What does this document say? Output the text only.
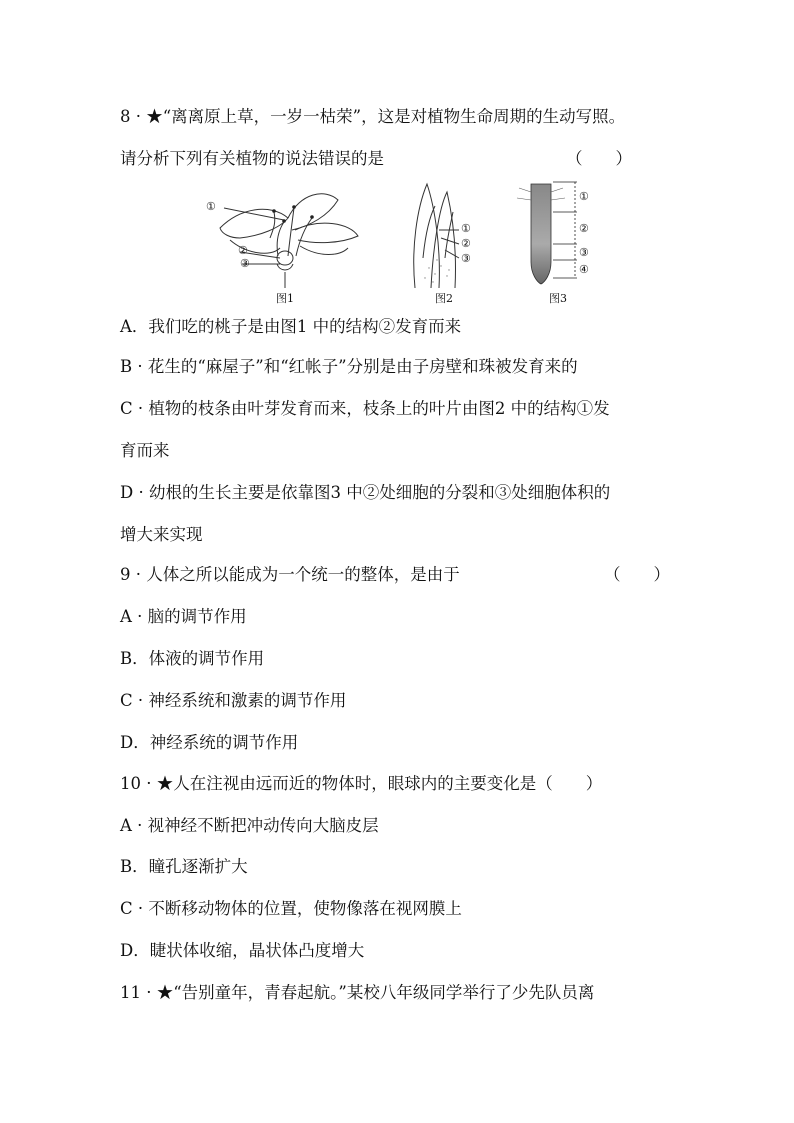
8 · ★“离离原上草，一岁一枯荣”，这是对植物生命周期的生动写照。
请分析下列有关植物的说法错误的是	（　　）
①
②
③
图1
①
②
③
图2
①
②
③
④
图3
A．我们吃的桃子是由图1 中的结构②发育而来
B · 花生的“麻屋子”和“红帐子”分别是由子房壁和珠被发育来的
C · 植物的枝条由叶芽发育而来，枝条上的叶片由图2 中的结构①发
育而来
D · 幼根的生长主要是依靠图3 中②处细胞的分裂和③处细胞体积的
增大来实现
9 · 人体之所以能成为一个统一的整体，是由于	（　　）
A · 脑的调节作用
B．体液的调节作用
C · 神经系统和激素的调节作用
D．神经系统的调节作用
10 · ★人在注视由远而近的物体时，眼球内的主要变化是（　　）
A · 视神经不断把冲动传向大脑皮层
B．瞳孔逐渐扩大
C · 不断移动物体的位置，使物像落在视网膜上
D．睫状体收缩，晶状体凸度增大
11 · ★“告别童年，青春起航。”某校八年级同学举行了少先队员离
